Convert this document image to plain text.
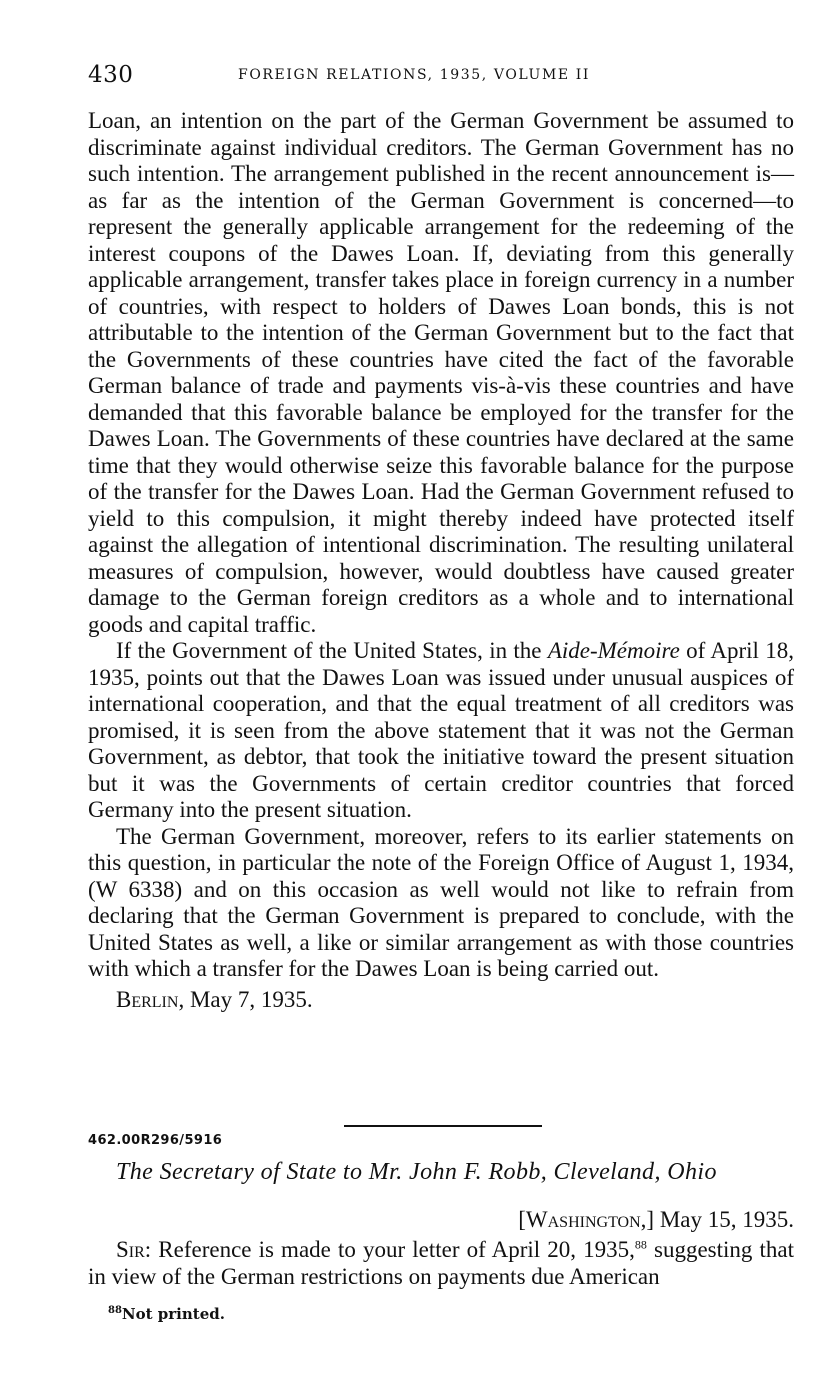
430	FOREIGN RELATIONS, 1935, VOLUME II

Loan, an intention on the part of the German Government be assumed to discriminate against individual creditors. The German Government has no such intention. The arrangement published in the recent announcement is—as far as the intention of the German Government is concerned—to represent the generally applicable arrangement for the redeeming of the interest coupons of the Dawes Loan. If, deviating from this generally applicable arrangement, transfer takes place in foreign currency in a number of countries, with respect to holders of Dawes Loan bonds, this is not attributable to the intention of the German Government but to the fact that the Governments of these countries have cited the fact of the favorable German balance of trade and payments vis-à-vis these countries and have demanded that this favorable balance be employed for the transfer for the Dawes Loan. The Governments of these countries have declared at the same time that they would otherwise seize this favorable balance for the purpose of the transfer for the Dawes Loan. Had the German Government refused to yield to this compulsion, it might thereby indeed have protected itself against the allegation of intentional discrimination. The resulting unilateral measures of compulsion, however, would doubtless have caused greater damage to the German foreign creditors as a whole and to international goods and capital traffic.

If the Government of the United States, in the Aide-Mémoire of April 18, 1935, points out that the Dawes Loan was issued under unusual auspices of international cooperation, and that the equal treatment of all creditors was promised, it is seen from the above statement that it was not the German Government, as debtor, that took the initiative toward the present situation but it was the Governments of certain creditor countries that forced Germany into the present situation.

The German Government, moreover, refers to its earlier statements on this question, in particular the note of the Foreign Office of August 1, 1934, (W 6338) and on this occasion as well would not like to refrain from declaring that the German Government is prepared to conclude, with the United States as well, a like or similar arrangement as with those countries with which a transfer for the Dawes Loan is being carried out.

Berlin, May 7, 1935.

462.00R296/5916
The Secretary of State to Mr. John F. Robb, Cleveland, Ohio
[Washington,] May 15, 1935.

Sir: Reference is made to your letter of April 20, 1935,88 suggesting that in view of the German restrictions on payments due American

$^{88}$Not printed.
